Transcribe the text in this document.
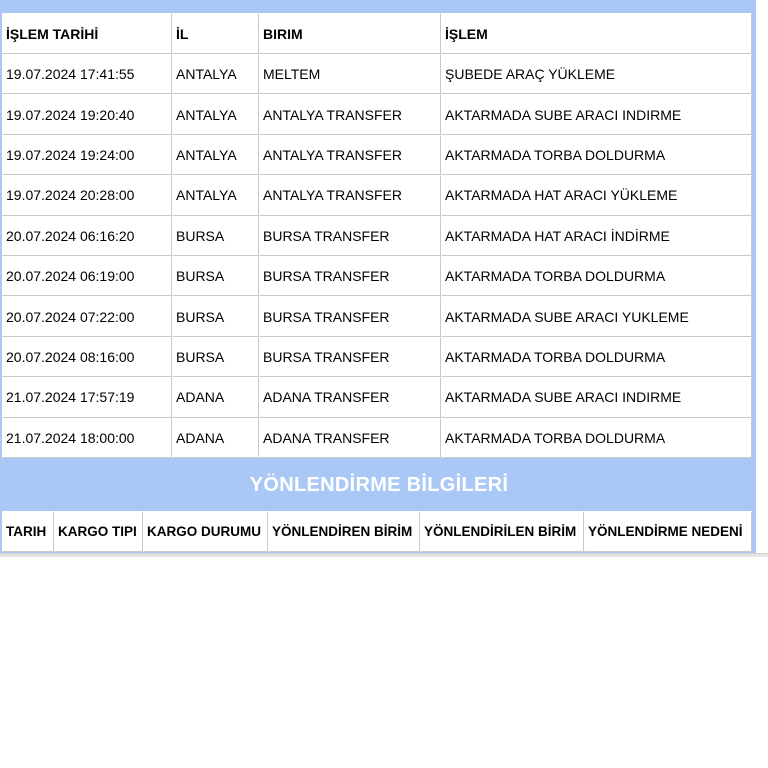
İŞLEM TARİHİ	İL	BIRIM	İŞLEM
19.07.2024 17:41:55	ANTALYA	MELTEM	ŞUBEDE ARAÇ YÜKLEME
19.07.2024 19:20:40	ANTALYA	ANTALYA TRANSFER	AKTARMADA SUBE ARACI INDIRME
19.07.2024 19:24:00	ANTALYA	ANTALYA TRANSFER	AKTARMADA TORBA DOLDURMA
19.07.2024 20:28:00	ANTALYA	ANTALYA TRANSFER	AKTARMADA HAT ARACI YÜKLEME
20.07.2024 06:16:20	BURSA	BURSA TRANSFER	AKTARMADA HAT ARACI İNDİRME
20.07.2024 06:19:00	BURSA	BURSA TRANSFER	AKTARMADA TORBA DOLDURMA
20.07.2024 07:22:00	BURSA	BURSA TRANSFER	AKTARMADA SUBE ARACI YUKLEME
20.07.2024 08:16:00	BURSA	BURSA TRANSFER	AKTARMADA TORBA DOLDURMA
21.07.2024 17:57:19	ADANA	ADANA TRANSFER	AKTARMADA SUBE ARACI INDIRME
21.07.2024 18:00:00	ADANA	ADANA TRANSFER	AKTARMADA TORBA DOLDURMA
YÖNLENDİRME BİLGİLERİ
TARIH	KARGO TIPI	KARGO DURUMU	YÖNLENDİREN BİRİM	YÖNLENDİRİLEN BİRİM	YÖNLENDİRME NEDENİ
